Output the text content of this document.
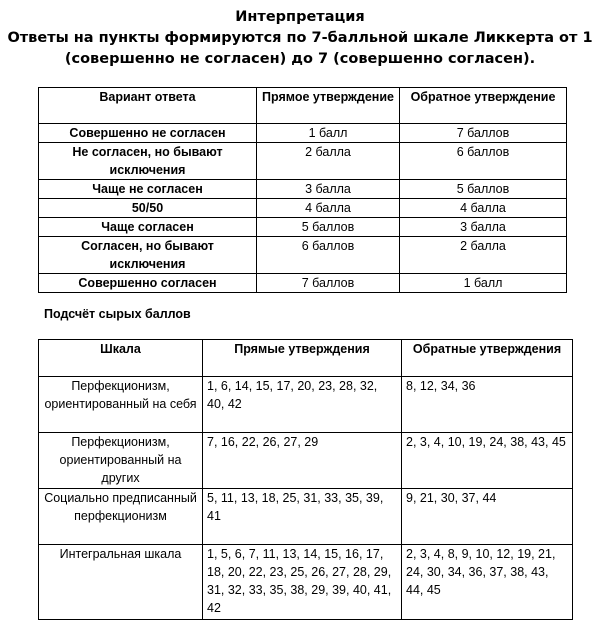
Интерпретация
Ответы на пункты формируются по 7-балльной шкале Ликкерта от 1
(совершенно не согласен) до 7 (совершенно согласен).
Вариант ответа	Прямое утверждение	Обратное утверждение
Совершенно не согласен	1 балл	7 баллов
Не согласен, но бывают исключения	2 балла	6 баллов
Чаще не согласен	3 балла	5 баллов
50/50	4 балла	4 балла
Чаще согласен	5 баллов	3 балла
Согласен, но бывают исключения	6 баллов	2 балла
Совершенно согласен	7 баллов	1 балл
Подсчёт сырых баллов
Шкала	Прямые утверждения	Обратные утверждения
Перфекционизм, ориентированный на себя	1, 6, 14, 15, 17, 20, 23, 28, 32, 40, 42	8, 12, 34, 36
Перфекционизм, ориентированный на других	7, 16, 22, 26, 27, 29	2, 3, 4, 10, 19, 24, 38, 43, 45
Социально предписанный перфекционизм	5, 11, 13, 18, 25, 31, 33, 35, 39, 41	9, 21, 30, 37, 44
Интегральная шкала	1, 5, 6, 7, 11, 13, 14, 15, 16, 17, 18, 20, 22, 23, 25, 26, 27, 28, 29, 31, 32, 33, 35, 38, 29, 39, 40, 41, 42	2, 3, 4, 8, 9, 10, 12, 19, 21, 24, 30, 34, 36, 37, 38, 43, 44, 45
